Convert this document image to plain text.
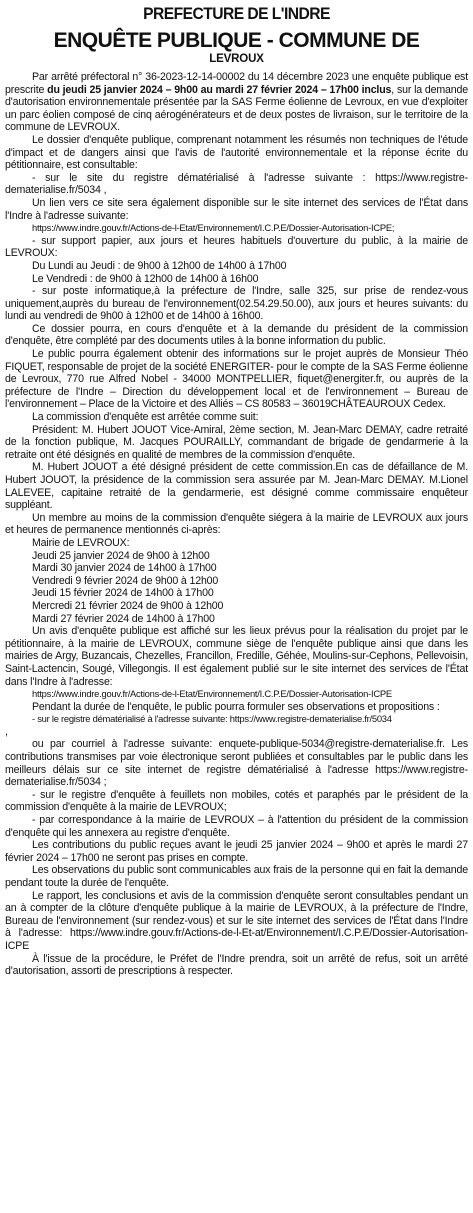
PREFECTURE DE L'INDRE
ENQUÊTE PUBLIQUE - COMMUNE DE
LEVROUX

Par arrêté préfectoral n° 36-2023-12-14-00002 du 14 décembre 2023 une enquête publique est prescrite du jeudi 25 janvier 2024 – 9h00 au mardi 27 février 2024 – 17h00 inclus, sur la demande d'autorisation environnementale présentée par la SAS Ferme éolienne de Levroux, en vue d'exploiter un parc éolien composé de cinq aérogénérateurs et de deux postes de livraison, sur le territoire de la commune de LEVROUX.

Le dossier d'enquête publique, comprenant notamment les résumés non techniques de l'étude d'impact et de dangers ainsi que l'avis de l'autorité environnementale et la réponse écrite du pétitionnaire, est consultable:

- sur le site du registre dématérialisé à l'adresse suivante : https://www.registre-dematerialise.fr/5034 ,

Un lien vers ce site sera également disponible sur le site internet des services de l'État dans l'Indre à l'adresse suivante:

https://www.indre.gouv.fr/Actions-de-l-Etat/Environnement/I.C.P.E/Dossier-Autorisation-ICPE;

- sur support papier, aux jours et heures habituels d'ouverture du public, à la mairie de LEVROUX:

Du Lundi au Jeudi : de 9h00 à 12h00 de 14h00 à 17h00

Le Vendredi : de 9h00 à 12h00 de 14h00 à 16h00

- sur poste informatique,à la préfecture de l'Indre, salle 325, sur prise de rendez-vous uniquement,auprès du bureau de l'environnement(02.54.29.50.00), aux jours et heures suivants: du lundi au vendredi de 9h00 à 12h00 et de 14h00 à 16h00.

Ce dossier pourra, en cours d'enquête et à la demande du président de la commission d'enquête, être complété par des documents utiles à la bonne information du public.

Le public pourra également obtenir des informations sur le projet auprès de Monsieur Théo FIQUET, responsable de projet de la société ENERGITER- pour le compte de la SAS Ferme éolienne de Levroux, 770 rue Alfred Nobel - 34000 MONTPELLIER, fiquet@energiter.fr, ou auprès de la préfecture de l'Indre – Direction du développement local et de l'environnement – Bureau de l'environnement – Place de la Victoire et des Alliés – CS 80583 – 36019CHÂTEAUROUX Cedex.

La commission d'enquête est arrêtée comme suit:

Président: M. Hubert JOUOT Vice-Amiral, 2ème section, M. Jean-Marc DEMAY, cadre retraité de la fonction publique, M. Jacques POURAILLY, commandant de brigade de gendarmerie à la retraite ont été désignés en qualité de membres de la commission d'enquête.

M. Hubert JOUOT a été désigné président de cette commission.En cas de défaillance de M. Hubert JOUOT, la présidence de la commission sera assurée par M. Jean-Marc DEMAY. M.Lionel LALEVEE, capitaine retraité de la gendarmerie, est désigné comme commissaire enquêteur suppléant.

Un membre au moins de la commission d'enquête siégera à la mairie de LEVROUX aux jours et heures de permanence mentionnés ci-après:

Mairie de LEVROUX:

Jeudi 25 janvier 2024 de 9h00 à 12h00

Mardi 30 janvier 2024 de 14h00 à 17h00

Vendredi 9 février 2024 de 9h00 à 12h00

Jeudi 15 février 2024 de 14h00 à 17h00

Mercredi 21 février 2024 de 9h00 à 12h00

Mardi 27 février 2024 de 14h00 à 17h00

Un avis d'enquête publique est affiché sur les lieux prévus pour la réalisation du projet par le pétitionnaire, à la mairie de LEVROUX, commune siège de l'enquête publique ainsi que dans les mairies de Argy, Buzancais, Chezelles, Francillon, Fredille, Géhée, Moulins-sur-Cephons, Pellevoisin, Saint-Lactencin, Sougé, Villegongis. Il est également publié sur le site internet des services de l'État dans l'Indre à l'adresse:

https://www.indre.gouv.fr/Actions-de-l-Etat/Environnement/I.C.P.E/Dossier-Autorisation-ICPE

Pendant la durée de l'enquête, le public pourra formuler ses observations et propositions :

- sur le registre dématérialisé à l'adresse suivante: https://www.registre-dematerialise.fr/5034

,

ou par courriel à l'adresse suivante: enquete-publique-5034@registre-dematerialise.fr. Les contributions transmises par voie électronique seront publiées et consultables par le public dans les meilleurs délais sur ce site internet de registre dématérialisé à l'adresse https://www.registre-dematerialise.fr/5034 ;

- sur le registre d'enquête à feuillets non mobiles, cotés et paraphés par le président de la commission d'enquête à la mairie de LEVROUX;

- par correspondance à la mairie de LEVROUX – à l'attention du président de la commission d'enquête qui les annexera au registre d'enquête.

Les contributions du public reçues avant le jeudi 25 janvier 2024 – 9h00 et après le mardi 27 février 2024 – 17h00 ne seront pas prises en compte.

Les observations du public sont communicables aux frais de la personne qui en fait la demande pendant toute la durée de l'enquête.

Le rapport, les conclusions et avis de la commission d'enquête seront consultables pendant un an à compter de la clôture d'enquête publique à la mairie de LEVROUX, à la préfecture de l'Indre, Bureau de l'environnement (sur rendez-vous) et sur le site internet des services de l'État dans l'Indre à l'adresse: https://www.indre.gouv.fr/Actions-de-l-Et-at/Environnement/I.C.P.E/Dossier-Autorisation-ICPE

À l'issue de la procédure, le Préfet de l'Indre prendra, soit un arrêté de refus, soit un arrêté d'autorisation, assorti de prescriptions à respecter.
